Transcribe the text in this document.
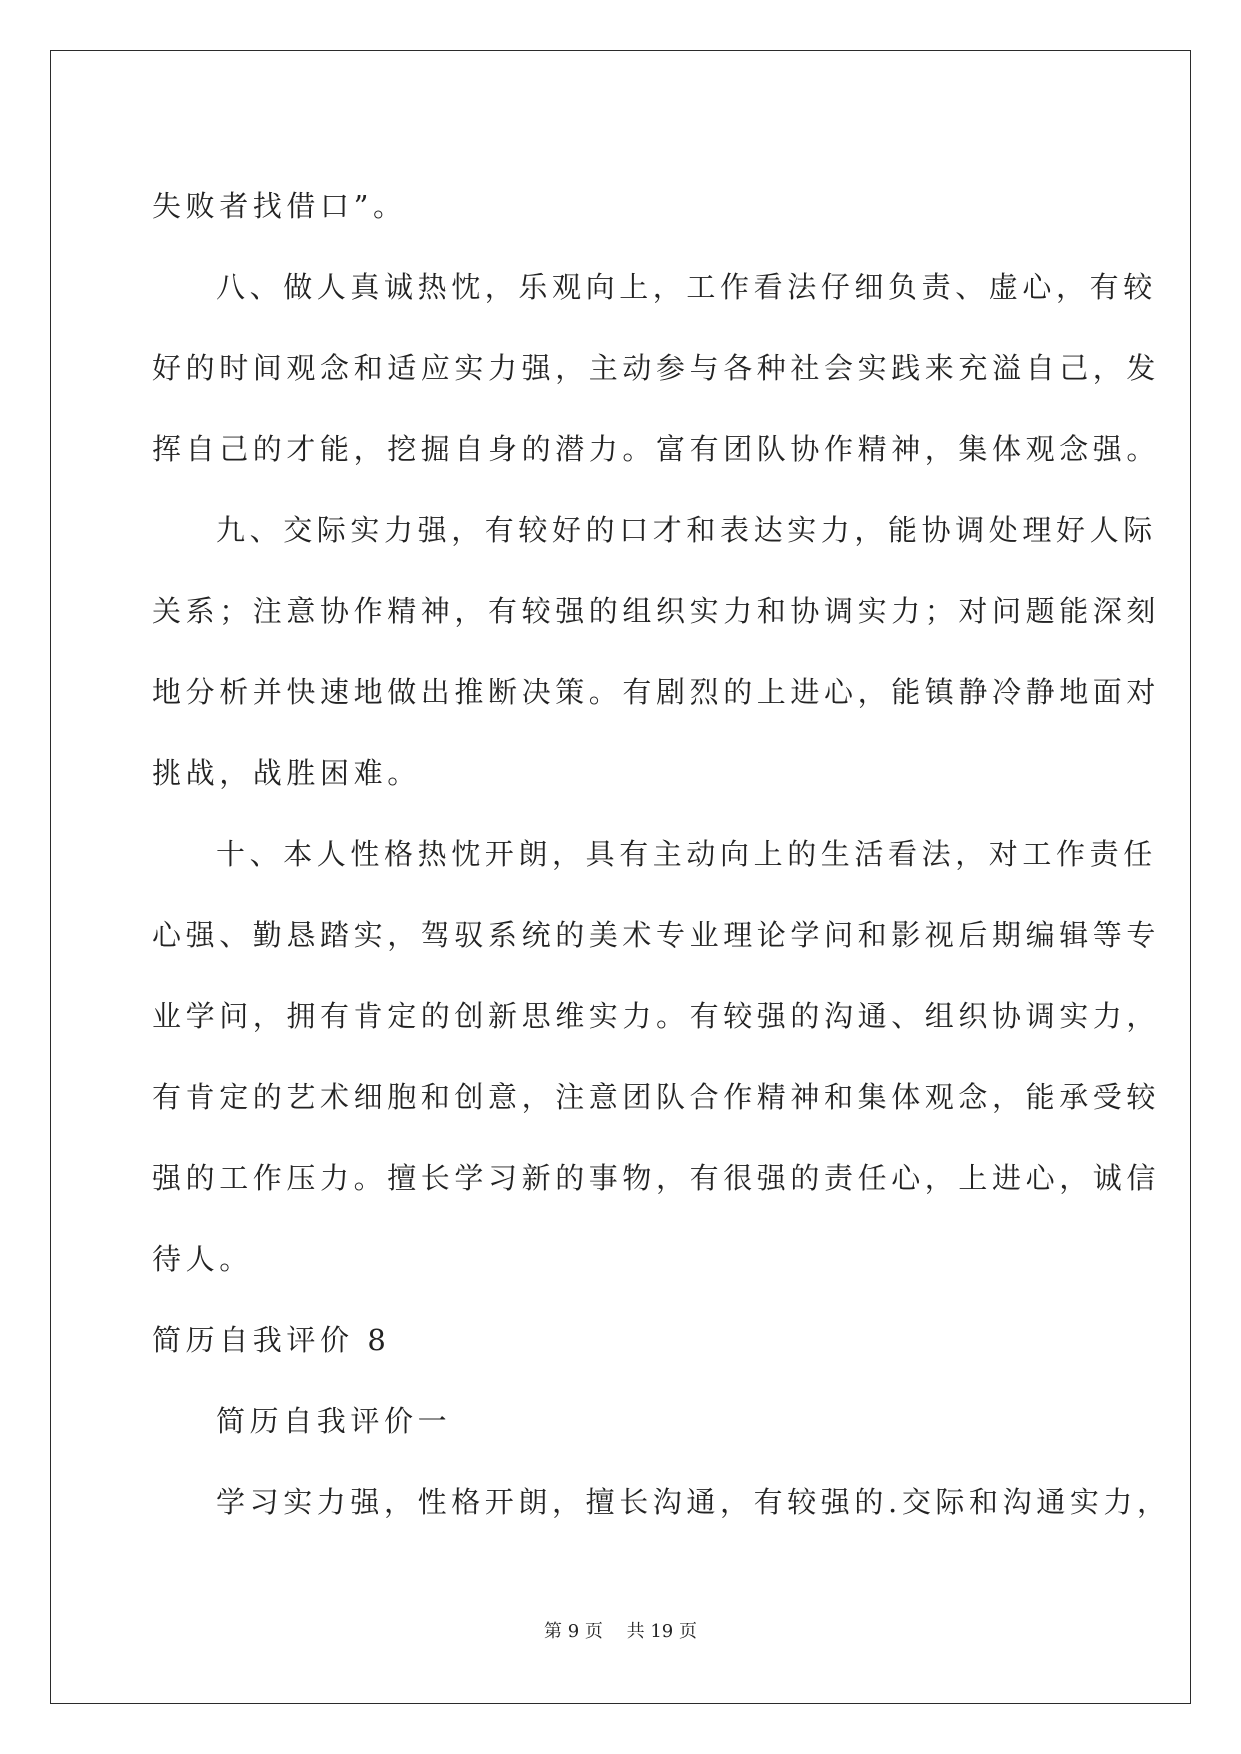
失败者找借口”。
八、做人真诚热忱，乐观向上，工作看法仔细负责、虚心，有较
好的时间观念和适应实力强，主动参与各种社会实践来充溢自己，发
挥自己的才能，挖掘自身的潜力。富有团队协作精神，集体观念强。
九、交际实力强，有较好的口才和表达实力，能协调处理好人际
关系；注意协作精神，有较强的组织实力和协调实力；对问题能深刻
地分析并快速地做出推断决策。有剧烈的上进心，能镇静冷静地面对
挑战，战胜困难。
十、本人性格热忱开朗，具有主动向上的生活看法，对工作责任
心强、勤恳踏实，驾驭系统的美术专业理论学问和影视后期编辑等专
业学问，拥有肯定的创新思维实力。有较强的沟通、组织协调实力，
有肯定的艺术细胞和创意，注意团队合作精神和集体观念，能承受较
强的工作压力。擅长学习新的事物，有很强的责任心，上进心，诚信
待人。
简历自我评价 8
简历自我评价一
学习实力强，性格开朗，擅长沟通，有较强的.交际和沟通实力，
第 9 页　 共 19 页
